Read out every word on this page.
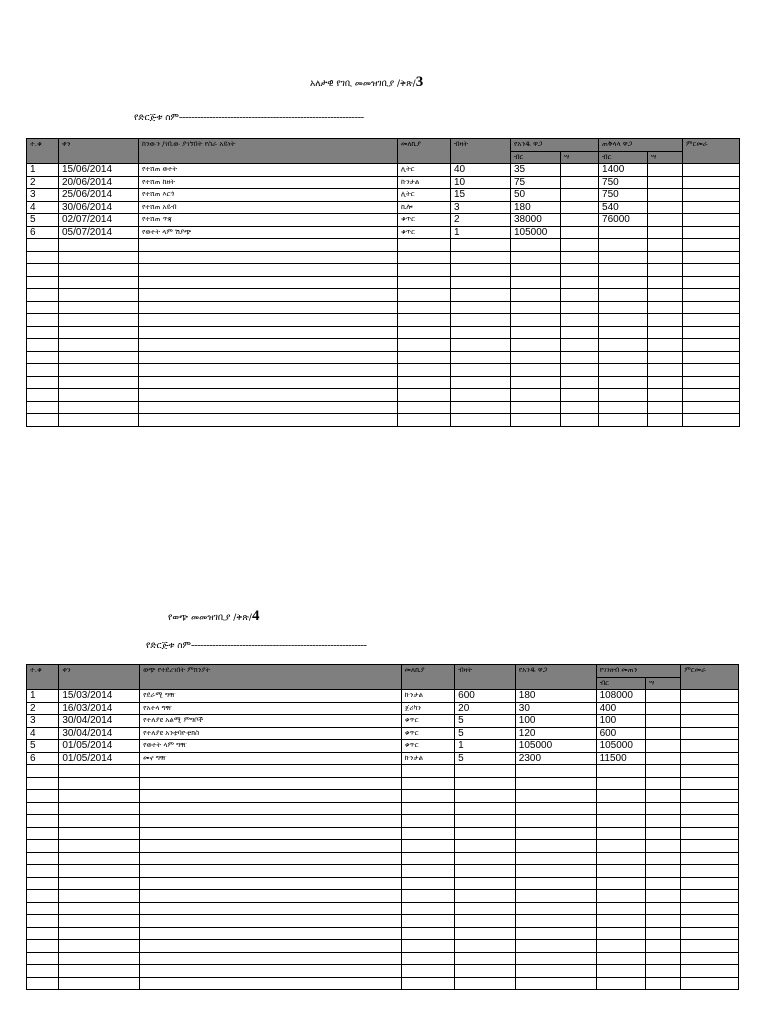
አለታዊ የገቢ መመዝገቢያ /ቅጽ/3
የድርጅቱ ስም-------------------------------------------------------------
ተ.ቁ	ቀን	ከንውን /ገቢው ያገኘበት የስራ አይነት	መለኪያ	ብዛት	የአንዱ ዋጋ		ጠቅላላ ዋጋ		ምርመራ
					ብር	ሣ	ብር	ሣ	
1	15/06/2014	የተሸጠ ወተት	ሊትር	40	35		1400		
2	20/06/2014	የተሸጠ ከዘት	ኩንታል	10	75		750		
3	25/06/2014	የተሸጠ እርጎ	ሊትር	15	50		750		
4	30/06/2014	የተሸጠ አይብ	ኪሎ	3	180		540		
5	02/07/2014	የተሸጠ ጥጃ	ቁጥር	2	38000		76000		
6	05/07/2014	የወተት ላም ሽያጭ	ቁጥር	1	105000				

የወጭ መመዝገቢያ /ቅጽ/4
የድርጅቱ ስም----------------------------------------------------------
ተ.ቁ	ቀን	ወጭ የተደረገበት ምክንያት	መለኪያ	ብዛት	የአንዱ ዋጋ	የገንዘብ መጠን		ምርመራ
						ብር	ሣ	
1	15/03/2014	የደራሚ ግዥ	ኩንታል	600	180	108000		
2	16/03/2014	የአተላ ግዥ	ጀሪካን	20	30	400		
3	30/04/2014	የተለያዩ አልሚ ምግቦች	ቁጥር	5	100	100		
4	30/04/2014	የተለያዩ አንቲባዮቲክስ	ቁጥር	5	120	600		
5	01/05/2014	የወተት ላም ግዥ	ቁጥር	1	105000	105000		
6	01/05/2014	መኖ ግዥ	ኩንታል	5	2300	11500		
